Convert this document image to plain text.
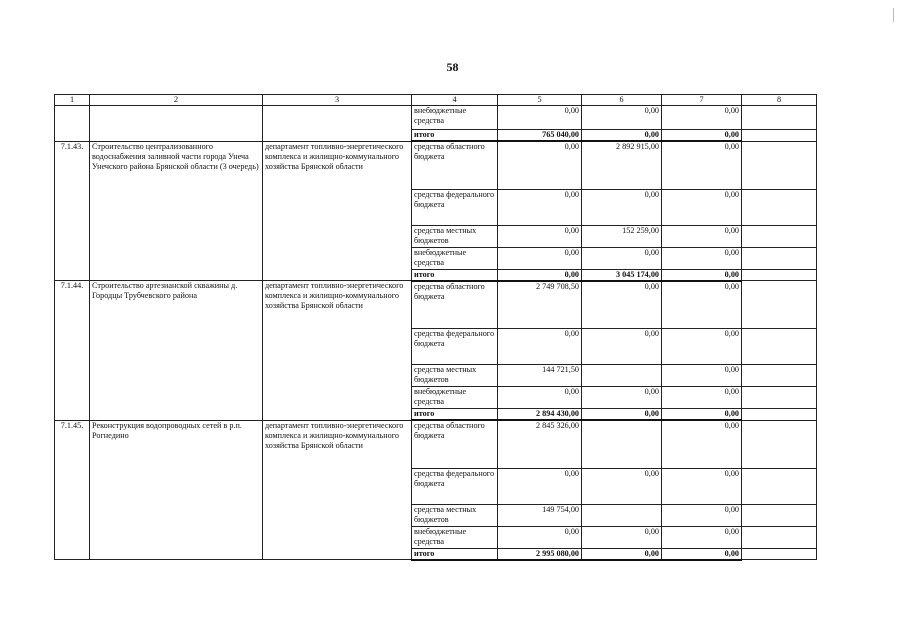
58
1	2	3	4	5	6	7	8
			внебюджетные средства	0,00	0,00	0,00	
			итого	765 040,00	0,00	0,00	
7.1.43.	Строительство централизованного водоснабжения заливной части города Унеча Унечского района Брянской области (3 очередь)	департамент топливно-энергетического комплекса и жилищно-коммунального хозяйства Брянской области	средства областного бюджета	0,00	2 892 915,00	0,00	
			средства федерального бюджета	0,00	0,00	0,00	
			средства местных бюджетов	0,00	152 259,00	0,00	
			внебюджетные средства	0,00	0,00	0,00	
			итого	0,00	3 045 174,00	0,00	
7.1.44.	Строительство артезианской скважины д. Городцы Трубчевского района	департамент топливно-энергетического комплекса и жилищно-коммунального хозяйства Брянской области	средства областного бюджета	2 749 708,50	0,00	0,00	
			средства федерального бюджета	0,00	0,00	0,00	
			средства местных бюджетов	144 721,50		0,00	
			внебюджетные средства	0,00	0,00	0,00	
			итого	2 894 430,00	0,00	0,00	
7.1.45.	Реконструкция водопроводных сетей в р.п. Рогнедино	департамент топливно-энергетического комплекса и жилищно-коммунального хозяйства Брянской области	средства областного бюджета	2 845 326,00		0,00	
			средства федерального бюджета	0,00	0,00	0,00	
			средства местных бюджетов	149 754,00		0,00	
			внебюджетные средства	0,00	0,00	0,00	
			итого	2 995 080,00	0,00	0,00	
